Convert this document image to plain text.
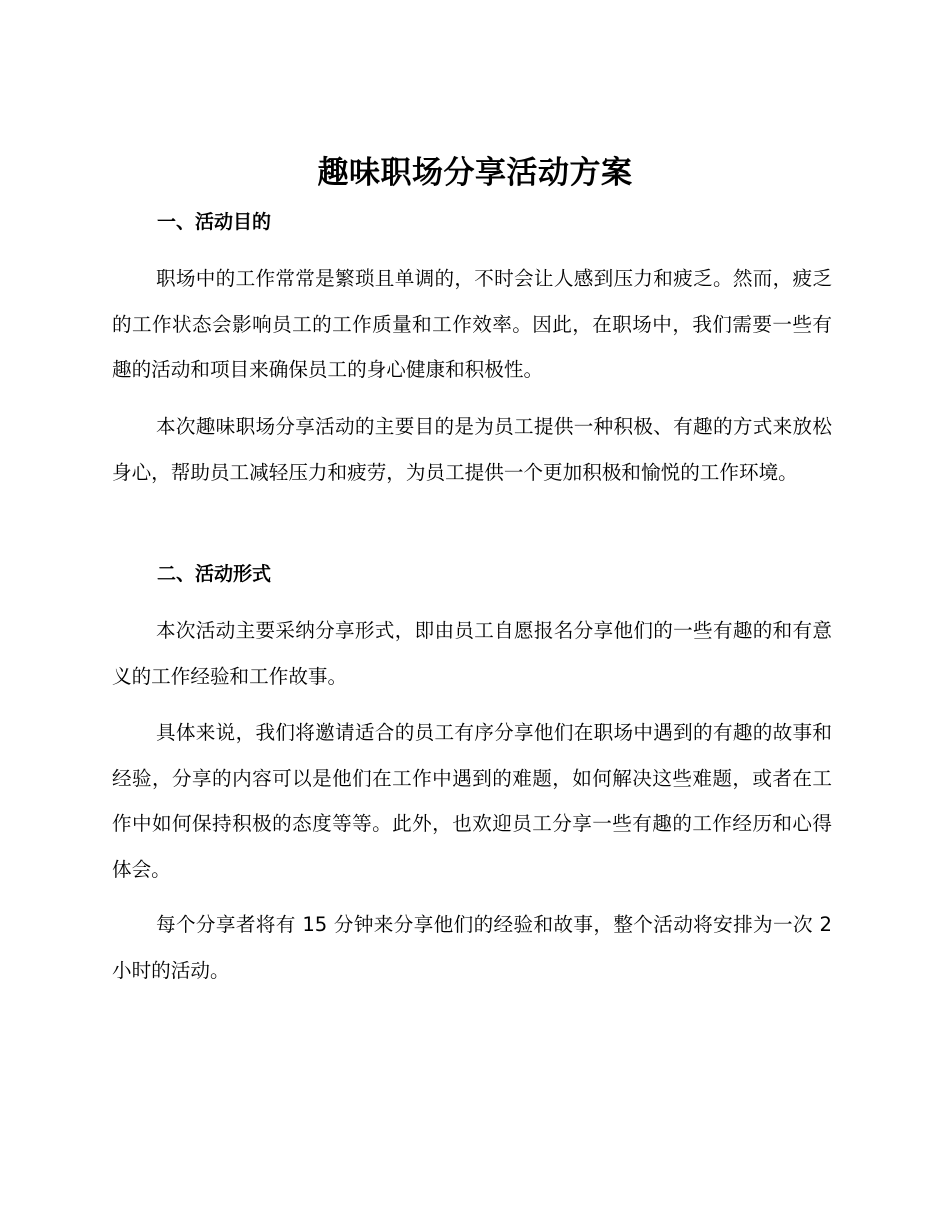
趣味职场分享活动方案
一、活动目的

职场中的工作常常是繁琐且单调的，不时会让人感到压力和疲乏。然而，疲乏的工作状态会影响员工的工作质量和工作效率。因此，在职场中，我们需要一些有趣的活动和项目来确保员工的身心健康和积极性。

本次趣味职场分享活动的主要目的是为员工提供一种积极、有趣的方式来放松身心，帮助员工减轻压力和疲劳，为员工提供一个更加积极和愉悦的工作环境。

二、活动形式

本次活动主要采纳分享形式，即由员工自愿报名分享他们的一些有趣的和有意义的工作经验和工作故事。

具体来说，我们将邀请适合的员工有序分享他们在职场中遇到的有趣的故事和经验，分享的内容可以是他们在工作中遇到的难题，如何解决这些难题，或者在工作中如何保持积极的态度等等。此外，也欢迎员工分享一些有趣的工作经历和心得体会。

每个分享者将有 15 分钟来分享他们的经验和故事，整个活动将安排为一次 2 小时的活动。
